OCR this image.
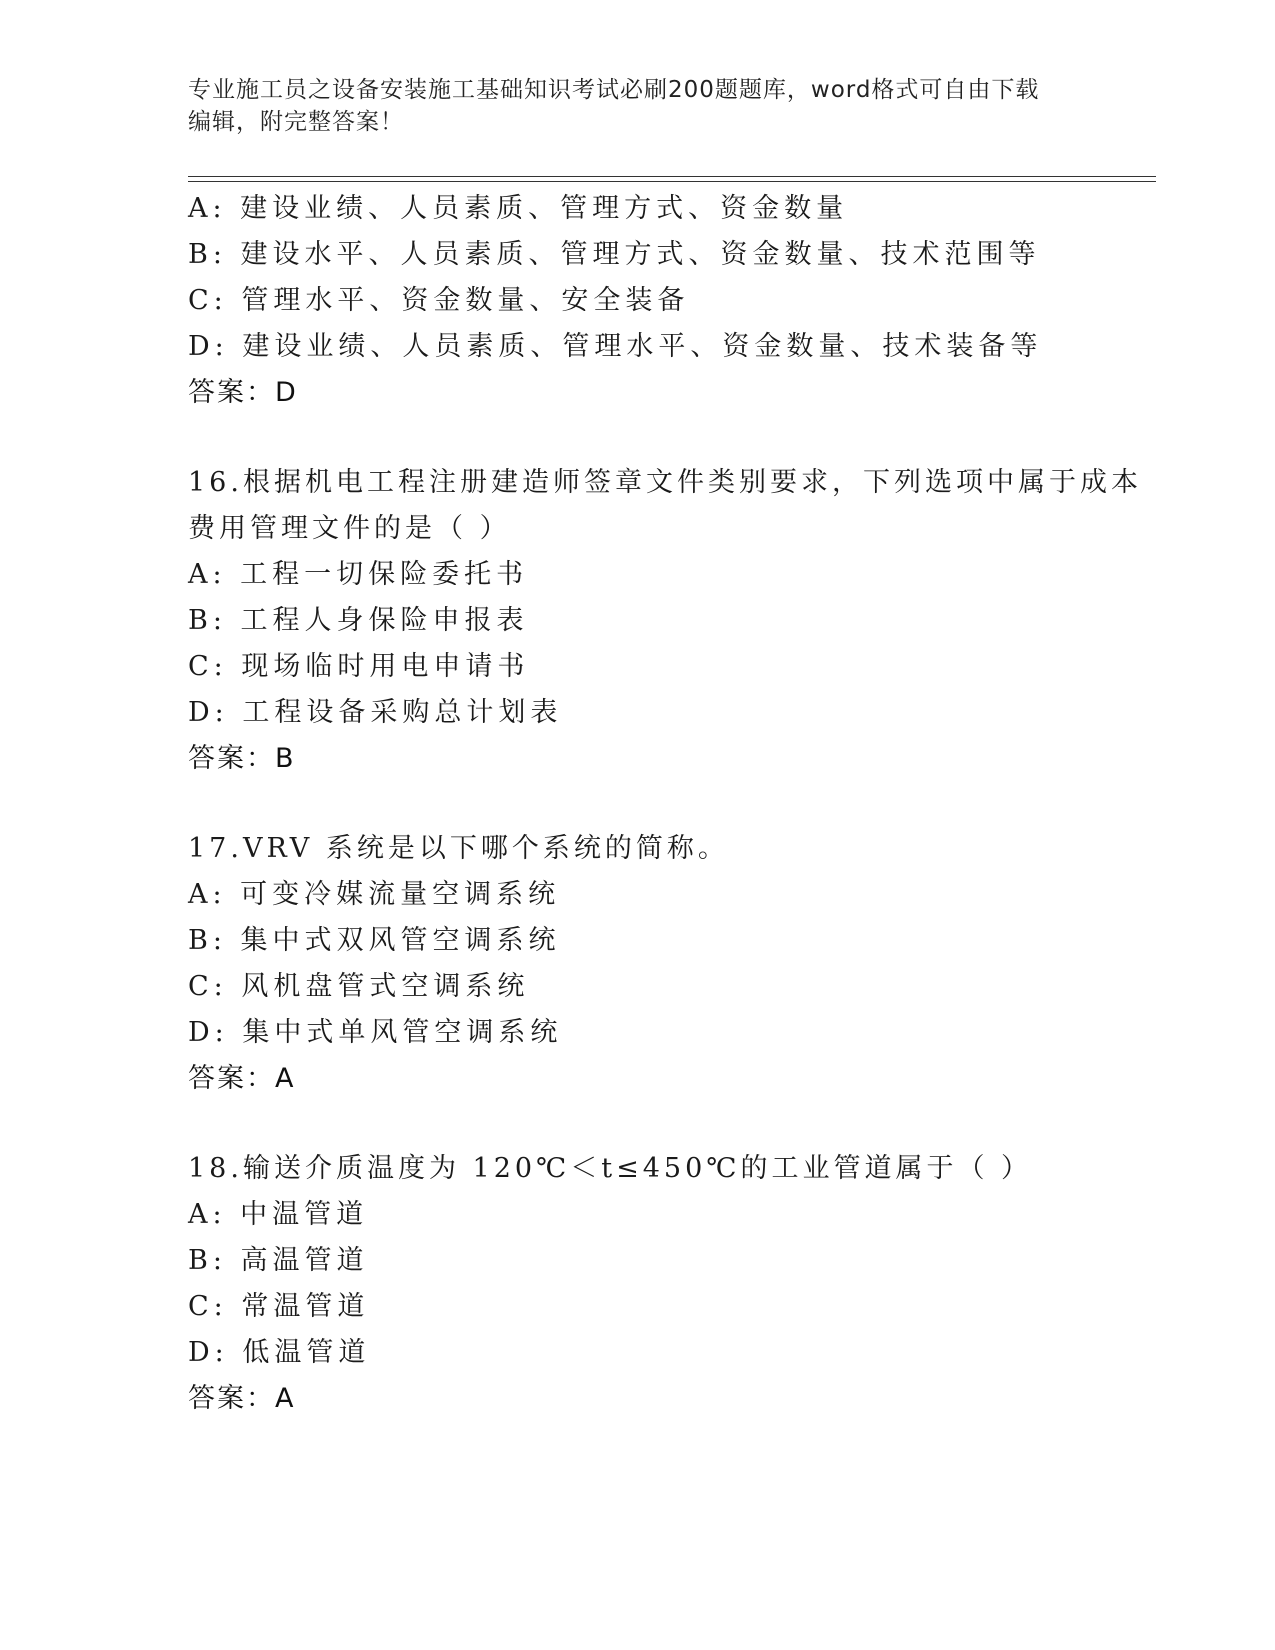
专业施工员之设备安装施工基础知识考试必刷200题题库，word格式可自由下载
编辑，附完整答案！
A: 建设业绩、人员素质、管理方式、资金数量
B: 建设水平、人员素质、管理方式、资金数量、技术范围等
C: 管理水平、资金数量、安全装备
D: 建设业绩、人员素质、管理水平、资金数量、技术装备等
答案：D
16.根据机电工程注册建造师签章文件类别要求，下列选项中属于成本
费用管理文件的是（ ）
A: 工程一切保险委托书
B: 工程人身保险申报表
C: 现场临时用电申请书
D: 工程设备采购总计划表
答案：B
17.VRV 系统是以下哪个系统的简称。
A: 可变冷媒流量空调系统
B: 集中式双风管空调系统
C: 风机盘管式空调系统
D: 集中式单风管空调系统
答案：A
18.输送介质温度为 120℃＜t≤450℃的工业管道属于（ ）
A: 中温管道
B: 高温管道
C: 常温管道
D: 低温管道
答案：A
